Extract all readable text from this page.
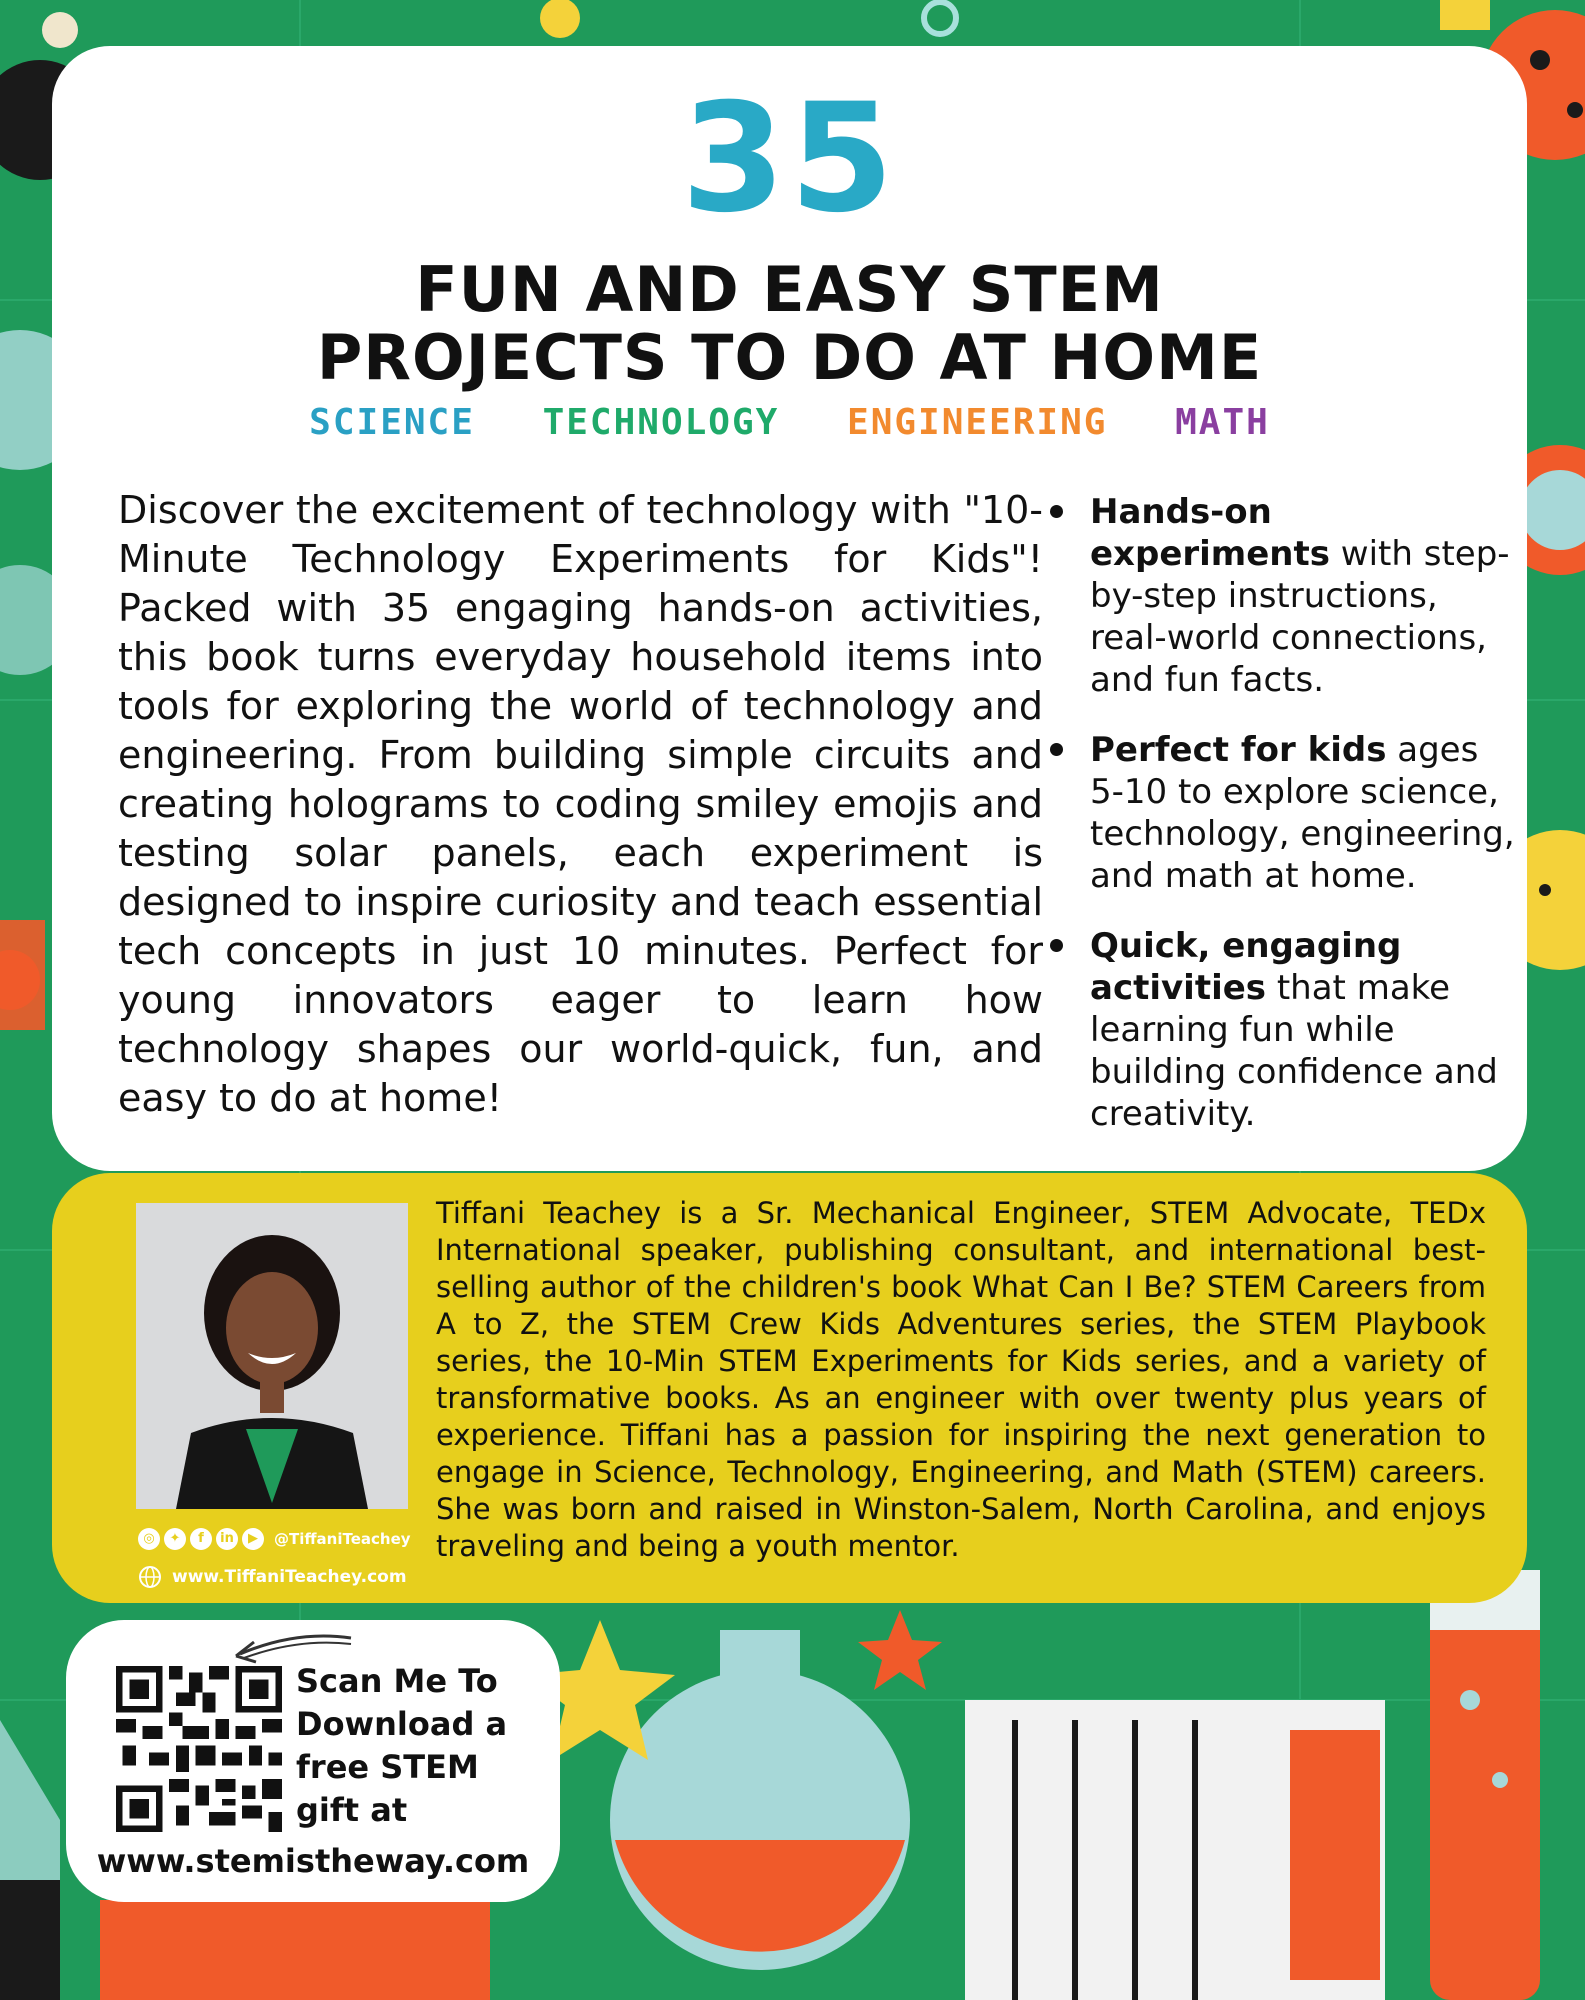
35
FUN AND EASY STEM
PROJECTS TO DO AT HOME
SCIENCE TECHNOLOGY ENGINEERING MATH
Discover the excitement of technology with "10-Minute Technology Experiments for Kids"! Packed with 35 engaging hands-on activities, this book turns everyday household items into tools for exploring the world of technology and engineering. From building simple circuits and creating holograms to coding smiley emojis and testing solar panels, each experiment is designed to inspire curiosity and teach essential tech concepts in just 10 minutes. Perfect for young innovators eager to learn how technology shapes our world-quick, fun, and easy to do at home!
Hands-on experiments with step-by-step instructions, real-world connections, and fun facts.
Perfect for kids ages 5-10 to explore science, technology, engineering, and math at home.
Quick, engaging activities that make learning fun while building confidence and creativity.
◎	✦	f	in	▶	@TiffaniTeachey
www.TiffaniTeachey.com
Tiffani Teachey is a Sr. Mechanical Engineer, STEM Advocate, TEDx International speaker, publishing consultant, and international best-selling author of the children's book What Can I Be? STEM Careers from A to Z, the STEM Crew Kids Adventures series, the STEM Playbook series, the 10-Min STEM Experiments for Kids series, and a variety of transformative books. As an engineer with over twenty plus years of experience. Tiffani has a passion for inspiring the next generation to engage in Science, Technology, Engineering, and Math (STEM) careers. She was born and raised in Winston-Salem, North Carolina, and enjoys traveling and being a youth mentor.
Scan Me To Download a free STEM gift at
www.stemistheway.com
